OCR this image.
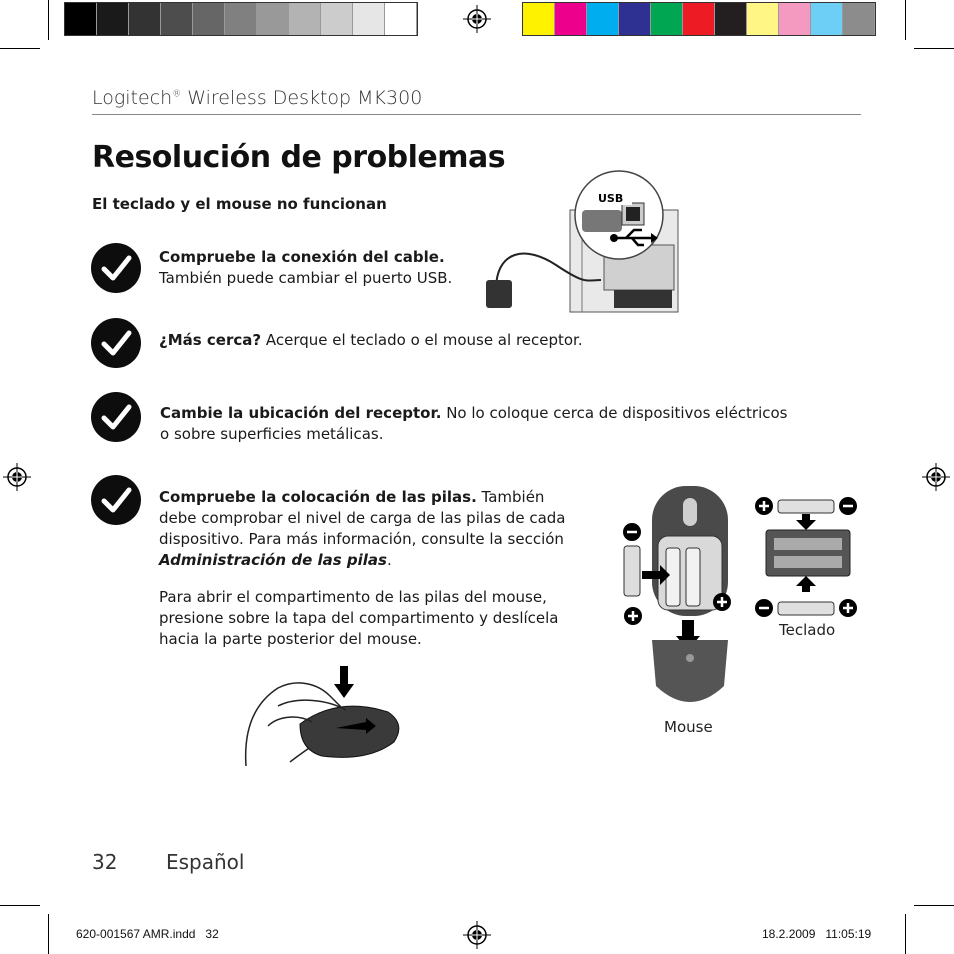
Logitech® Wireless Desktop MK300
Resolución de problemas
El teclado y el mouse no funcionan
Compruebe la conexión del cable.
También puede cambiar el puerto USB.
USB
¿Más cerca? Acerque el teclado o el mouse al receptor.
Cambie la ubicación del receptor. No lo coloque cerca de dispositivos eléctricos
o sobre superficies metálicas.
Compruebe la colocación de las pilas. También
debe comprobar el nivel de carga de las pilas de cada
dispositivo. Para más información, consulte la sección
Administración de las pilas.
Para abrir el compartimento de las pilas del mouse,
presione sobre la tapa del compartimento y deslícela
hacia la parte posterior del mouse.
Mouse
Teclado
32 Español
620-001567 AMR.indd   32	18.2.2009   11:05:19
